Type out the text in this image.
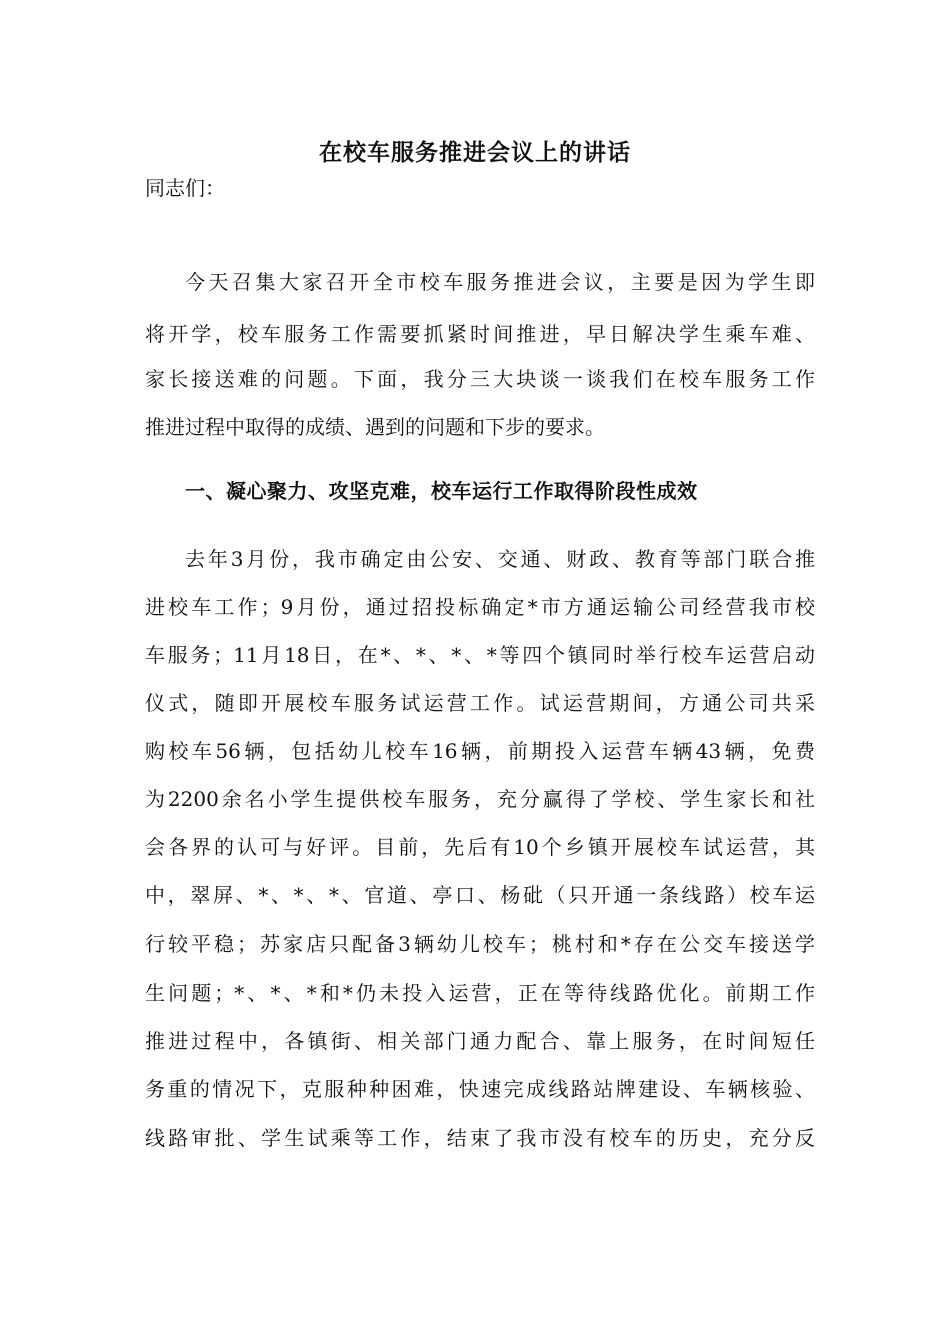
在校车服务推进会议上的讲话
同志们：
今天召集大家召开全市校车服务推进会议，主要是因为学生即
将开学，校车服务工作需要抓紧时间推进，早日解决学生乘车难、
家长接送难的问题。下面，我分三大块谈一谈我们在校车服务工作
推进过程中取得的成绩、遇到的问题和下步的要求。
一、凝心聚力、攻坚克难，校车运行工作取得阶段性成效
去年3月份，我市确定由公安、交通、财政、教育等部门联合推
进校车工作；9月份，通过招投标确定*市方通运输公司经营我市校
车服务；11月18日，在*、*、*、*等四个镇同时举行校车运营启动
仪式，随即开展校车服务试运营工作。试运营期间，方通公司共采
购校车56辆，包括幼儿校车16辆，前期投入运营车辆43辆，免费
为2200余名小学生提供校车服务，充分赢得了学校、学生家长和社
会各界的认可与好评。目前，先后有10个乡镇开展校车试运营，其
中，翠屏、*、*、*、官道、亭口、杨砒（只开通一条线路）校车运
行较平稳；苏家店只配备3辆幼儿校车；桃村和*存在公交车接送学
生问题；*、*、*和*仍未投入运营，正在等待线路优化。前期工作
推进过程中，各镇街、相关部门通力配合、靠上服务，在时间短任
务重的情况下，克服种种困难，快速完成线路站牌建设、车辆核验、
线路审批、学生试乘等工作，结束了我市没有校车的历史，充分反
